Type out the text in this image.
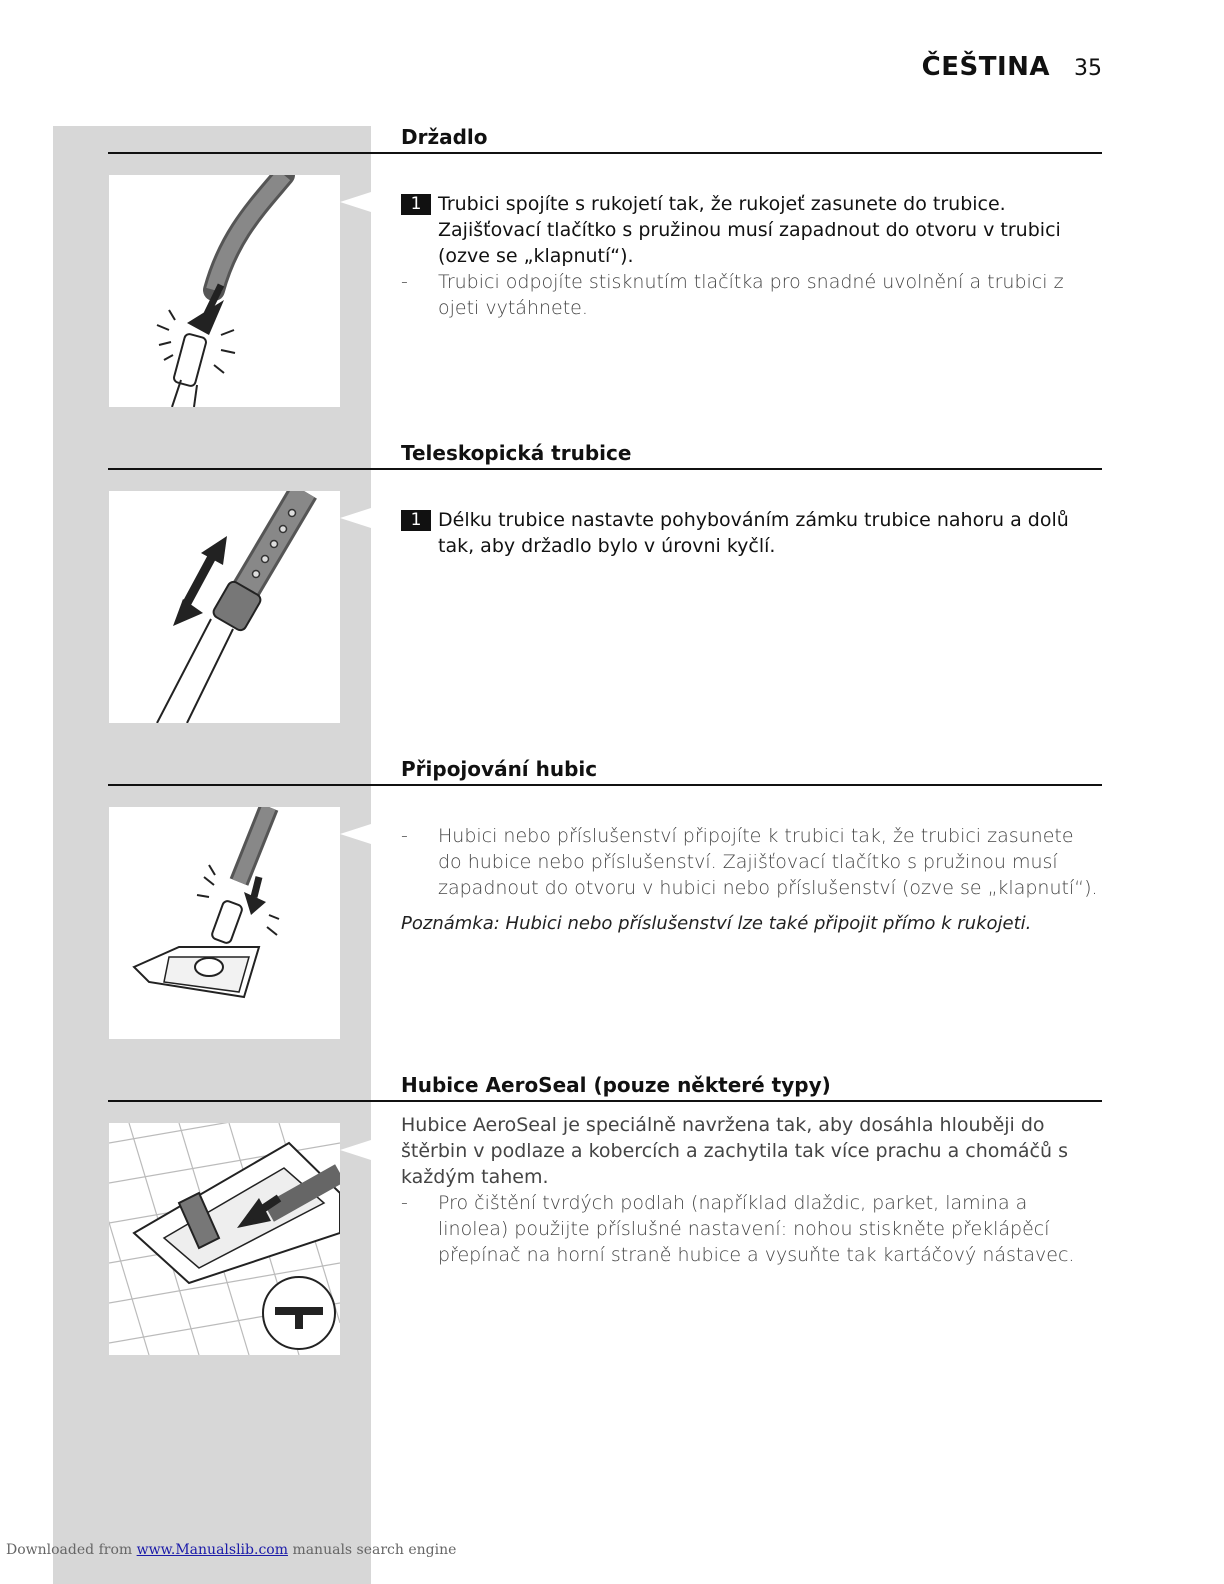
ČEŠTINA 35
Držadlo
1 Trubici spojíte s rukojetí tak, že rukojeť zasunete do trubice. Zajišťovací tlačítko s pružinou musí zapadnout do otvoru v trubici (ozve se „klapnutí“).
- Trubici odpojíte stisknutím tlačítka pro snadné uvolnění a trubici z ojeti vytáhnete.
Teleskopická trubice
1 Délku trubice nastavte pohybováním zámku trubice nahoru a dolů tak, aby držadlo bylo v úrovni kyčlí.
Připojování hubic
- Hubici nebo příslušenství připojíte k trubici tak, že trubici zasunete do hubice nebo příslušenství. Zajišťovací tlačítko s pružinou musí zapadnout do otvoru v hubici nebo příslušenství (ozve se „klapnutí“).
Poznámka: Hubici nebo příslušenství lze také připojit přímo k rukojeti.
Hubice AeroSeal (pouze některé typy)
Hubice AeroSeal je speciálně navržena tak, aby dosáhla hlouběji do štěrbin v podlaze a kobercích a zachytila tak více prachu a chomáčů s každým tahem.
- Pro čištění tvrdých podlah (například dlaždic, parket, lamina a linolea) použijte příslušné nastavení: nohou stiskněte překlápěcí přepínač na horní straně hubice a vysuňte tak kartáčový nástavec.
Downloaded from www.Manualslib.com manuals search engine
